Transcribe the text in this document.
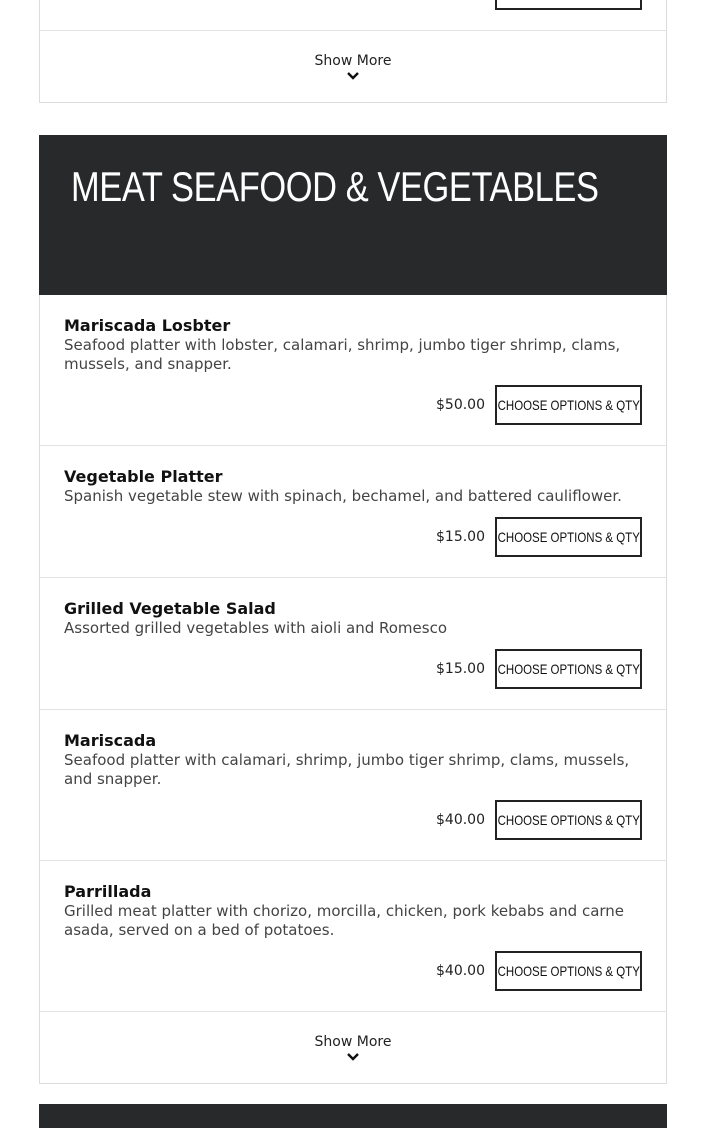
Show More
MEAT SEAFOOD & VEGETABLES
Mariscada Losbter
Seafood platter with lobster, calamari, shrimp, jumbo tiger shrimp, clams, mussels, and snapper.
$50.00 CHOOSE OPTIONS & QTY
Vegetable Platter
Spanish vegetable stew with spinach, bechamel, and battered cauliflower.
$15.00 CHOOSE OPTIONS & QTY
Grilled Vegetable Salad
Assorted grilled vegetables with aioli and Romesco
$15.00 CHOOSE OPTIONS & QTY
Mariscada
Seafood platter with calamari, shrimp, jumbo tiger shrimp, clams, mussels, and snapper.
$40.00 CHOOSE OPTIONS & QTY
Parrillada
Grilled meat platter with chorizo, morcilla, chicken, pork kebabs and carne asada, served on a bed of potatoes.
$40.00 CHOOSE OPTIONS & QTY
Show More
